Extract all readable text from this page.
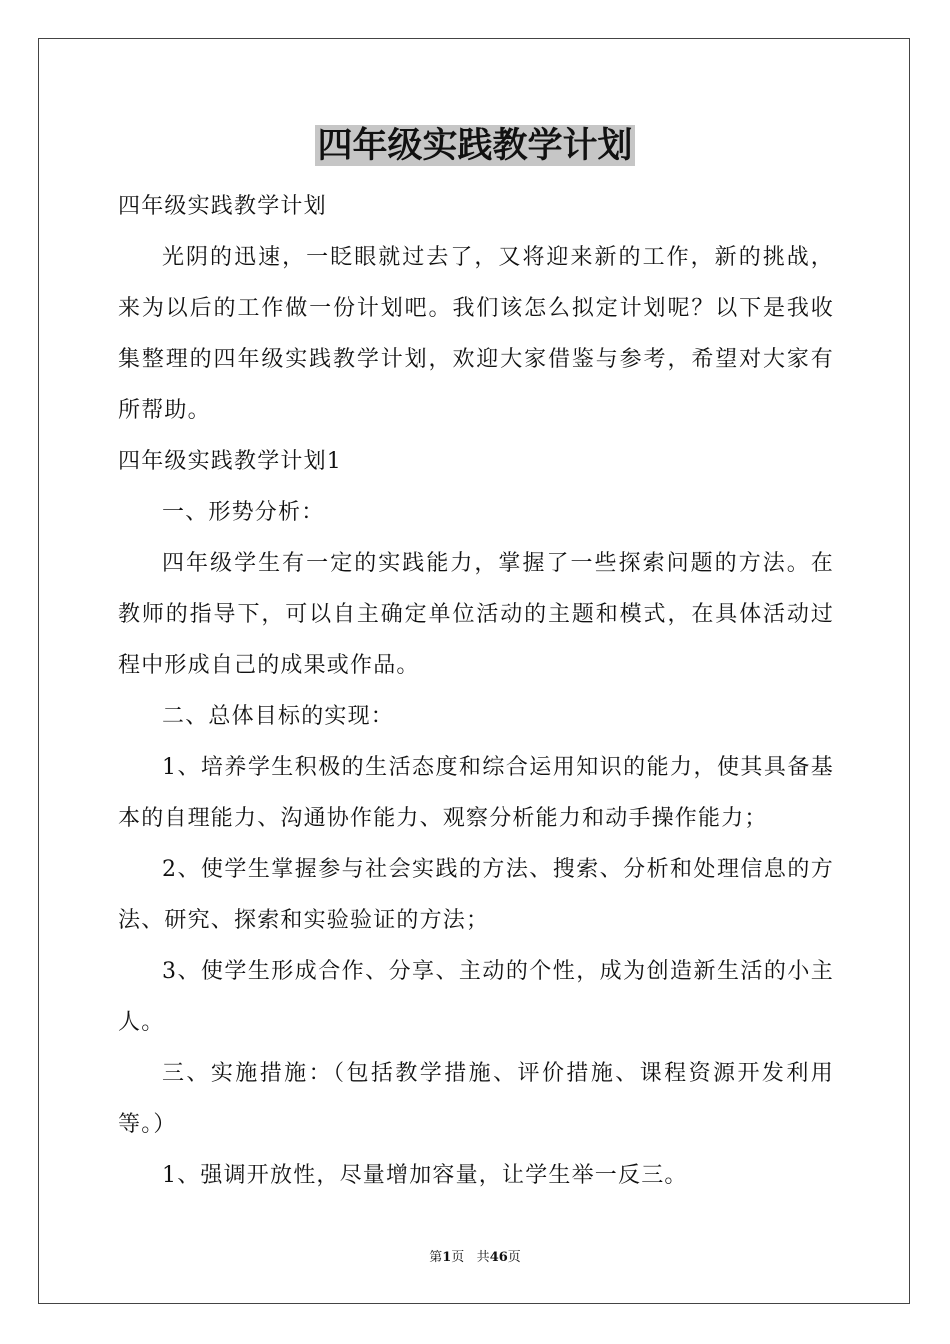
四年级实践教学计划

四年级实践教学计划

光阴的迅速，一眨眼就过去了，又将迎来新的工作，新的挑战，来为以后的工作做一份计划吧。我们该怎么拟定计划呢？以下是我收集整理的四年级实践教学计划，欢迎大家借鉴与参考，希望对大家有所帮助。

四年级实践教学计划1

一、形势分析：

四年级学生有一定的实践能力，掌握了一些探索问题的方法。在教师的指导下，可以自主确定单位活动的主题和模式，在具体活动过程中形成自己的成果或作品。

二、总体目标的实现：

1、培养学生积极的生活态度和综合运用知识的能力，使其具备基本的自理能力、沟通协作能力、观察分析能力和动手操作能力；

2、使学生掌握参与社会实践的方法、搜索、分析和处理信息的方法、研究、探索和实验验证的方法；

3、使学生形成合作、分享、主动的个性，成为创造新生活的小主人。

三、实施措施：（包括教学措施、评价措施、课程资源开发利用等。）

1、强调开放性，尽量增加容量，让学生举一反三。

第1页 共46页
